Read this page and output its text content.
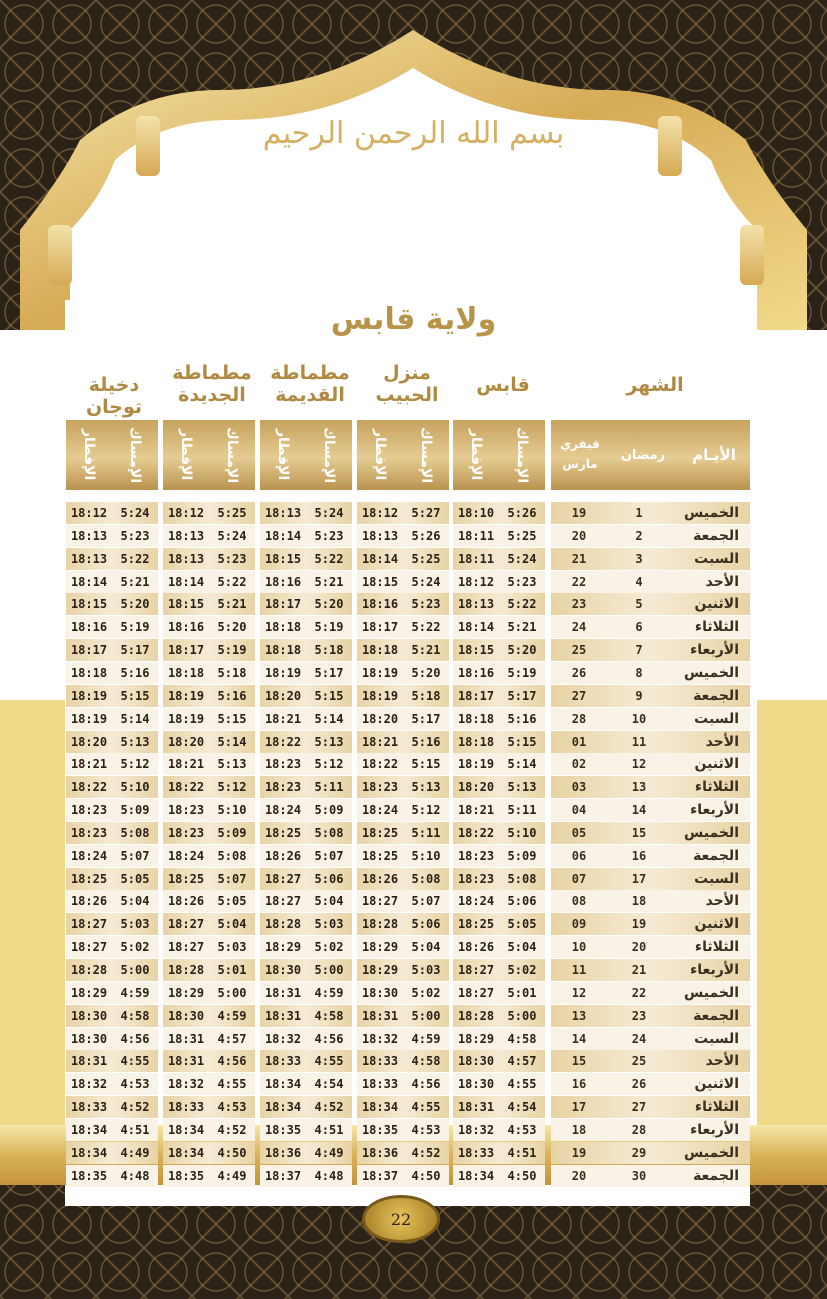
بسم الله الرحمن الرحيم
ولاية قابس
الشهر
قابس
منزل الحبيب
مطماطة القديمة
مطماطة الجديدة
دخيلة توجان
الأيـام
رمضان
فيفري مارس
الإمساك
الإفطار
الإمساك
الإفطار
الإمساك
الإفطار
الإمساك
الإفطار
الإمساك
الإفطار
الخميس
1
19
5:26
18:10
5:27
18:12
5:24
18:13
5:25
18:12
5:24
18:12
الجمعة
2
20
5:25
18:11
5:26
18:13
5:23
18:14
5:24
18:13
5:23
18:13
السبت
3
21
5:24
18:11
5:25
18:14
5:22
18:15
5:23
18:13
5:22
18:13
الأحد
4
22
5:23
18:12
5:24
18:15
5:21
18:16
5:22
18:14
5:21
18:14
الاثنين
5
23
5:22
18:13
5:23
18:16
5:20
18:17
5:21
18:15
5:20
18:15
الثلاثاء
6
24
5:21
18:14
5:22
18:17
5:19
18:18
5:20
18:16
5:19
18:16
الأربعاء
7
25
5:20
18:15
5:21
18:18
5:18
18:18
5:19
18:17
5:17
18:17
الخميس
8
26
5:19
18:16
5:20
18:19
5:17
18:19
5:18
18:18
5:16
18:18
الجمعة
9
27
5:17
18:17
5:18
18:19
5:15
18:20
5:16
18:19
5:15
18:19
السبت
10
28
5:16
18:18
5:17
18:20
5:14
18:21
5:15
18:19
5:14
18:19
الأحد
11
01
5:15
18:18
5:16
18:21
5:13
18:22
5:14
18:20
5:13
18:20
الاثنين
12
02
5:14
18:19
5:15
18:22
5:12
18:23
5:13
18:21
5:12
18:21
الثلاثاء
13
03
5:13
18:20
5:13
18:23
5:11
18:23
5:12
18:22
5:10
18:22
الأربعاء
14
04
5:11
18:21
5:12
18:24
5:09
18:24
5:10
18:23
5:09
18:23
الخميس
15
05
5:10
18:22
5:11
18:25
5:08
18:25
5:09
18:23
5:08
18:23
الجمعة
16
06
5:09
18:23
5:10
18:25
5:07
18:26
5:08
18:24
5:07
18:24
السبت
17
07
5:08
18:23
5:08
18:26
5:06
18:27
5:07
18:25
5:05
18:25
الأحد
18
08
5:06
18:24
5:07
18:27
5:04
18:27
5:05
18:26
5:04
18:26
الاثنين
19
09
5:05
18:25
5:06
18:28
5:03
18:28
5:04
18:27
5:03
18:27
الثلاثاء
20
10
5:04
18:26
5:04
18:29
5:02
18:29
5:03
18:27
5:02
18:27
الأربعاء
21
11
5:02
18:27
5:03
18:29
5:00
18:30
5:01
18:28
5:00
18:28
الخميس
22
12
5:01
18:27
5:02
18:30
4:59
18:31
5:00
18:29
4:59
18:29
الجمعة
23
13
5:00
18:28
5:00
18:31
4:58
18:31
4:59
18:30
4:58
18:30
السبت
24
14
4:58
18:29
4:59
18:32
4:56
18:32
4:57
18:31
4:56
18:30
الأحد
25
15
4:57
18:30
4:58
18:33
4:55
18:33
4:56
18:31
4:55
18:31
الاثنين
26
16
4:55
18:30
4:56
18:33
4:54
18:34
4:55
18:32
4:53
18:32
الثلاثاء
27
17
4:54
18:31
4:55
18:34
4:52
18:34
4:53
18:33
4:52
18:33
الأربعاء
28
18
4:53
18:32
4:53
18:35
4:51
18:35
4:52
18:34
4:51
18:34
الخميس
29
19
4:51
18:33
4:52
18:36
4:49
18:36
4:50
18:34
4:49
18:34
الجمعة
30
20
4:50
18:34
4:50
18:37
4:48
18:37
4:49
18:35
4:48
18:35
22
